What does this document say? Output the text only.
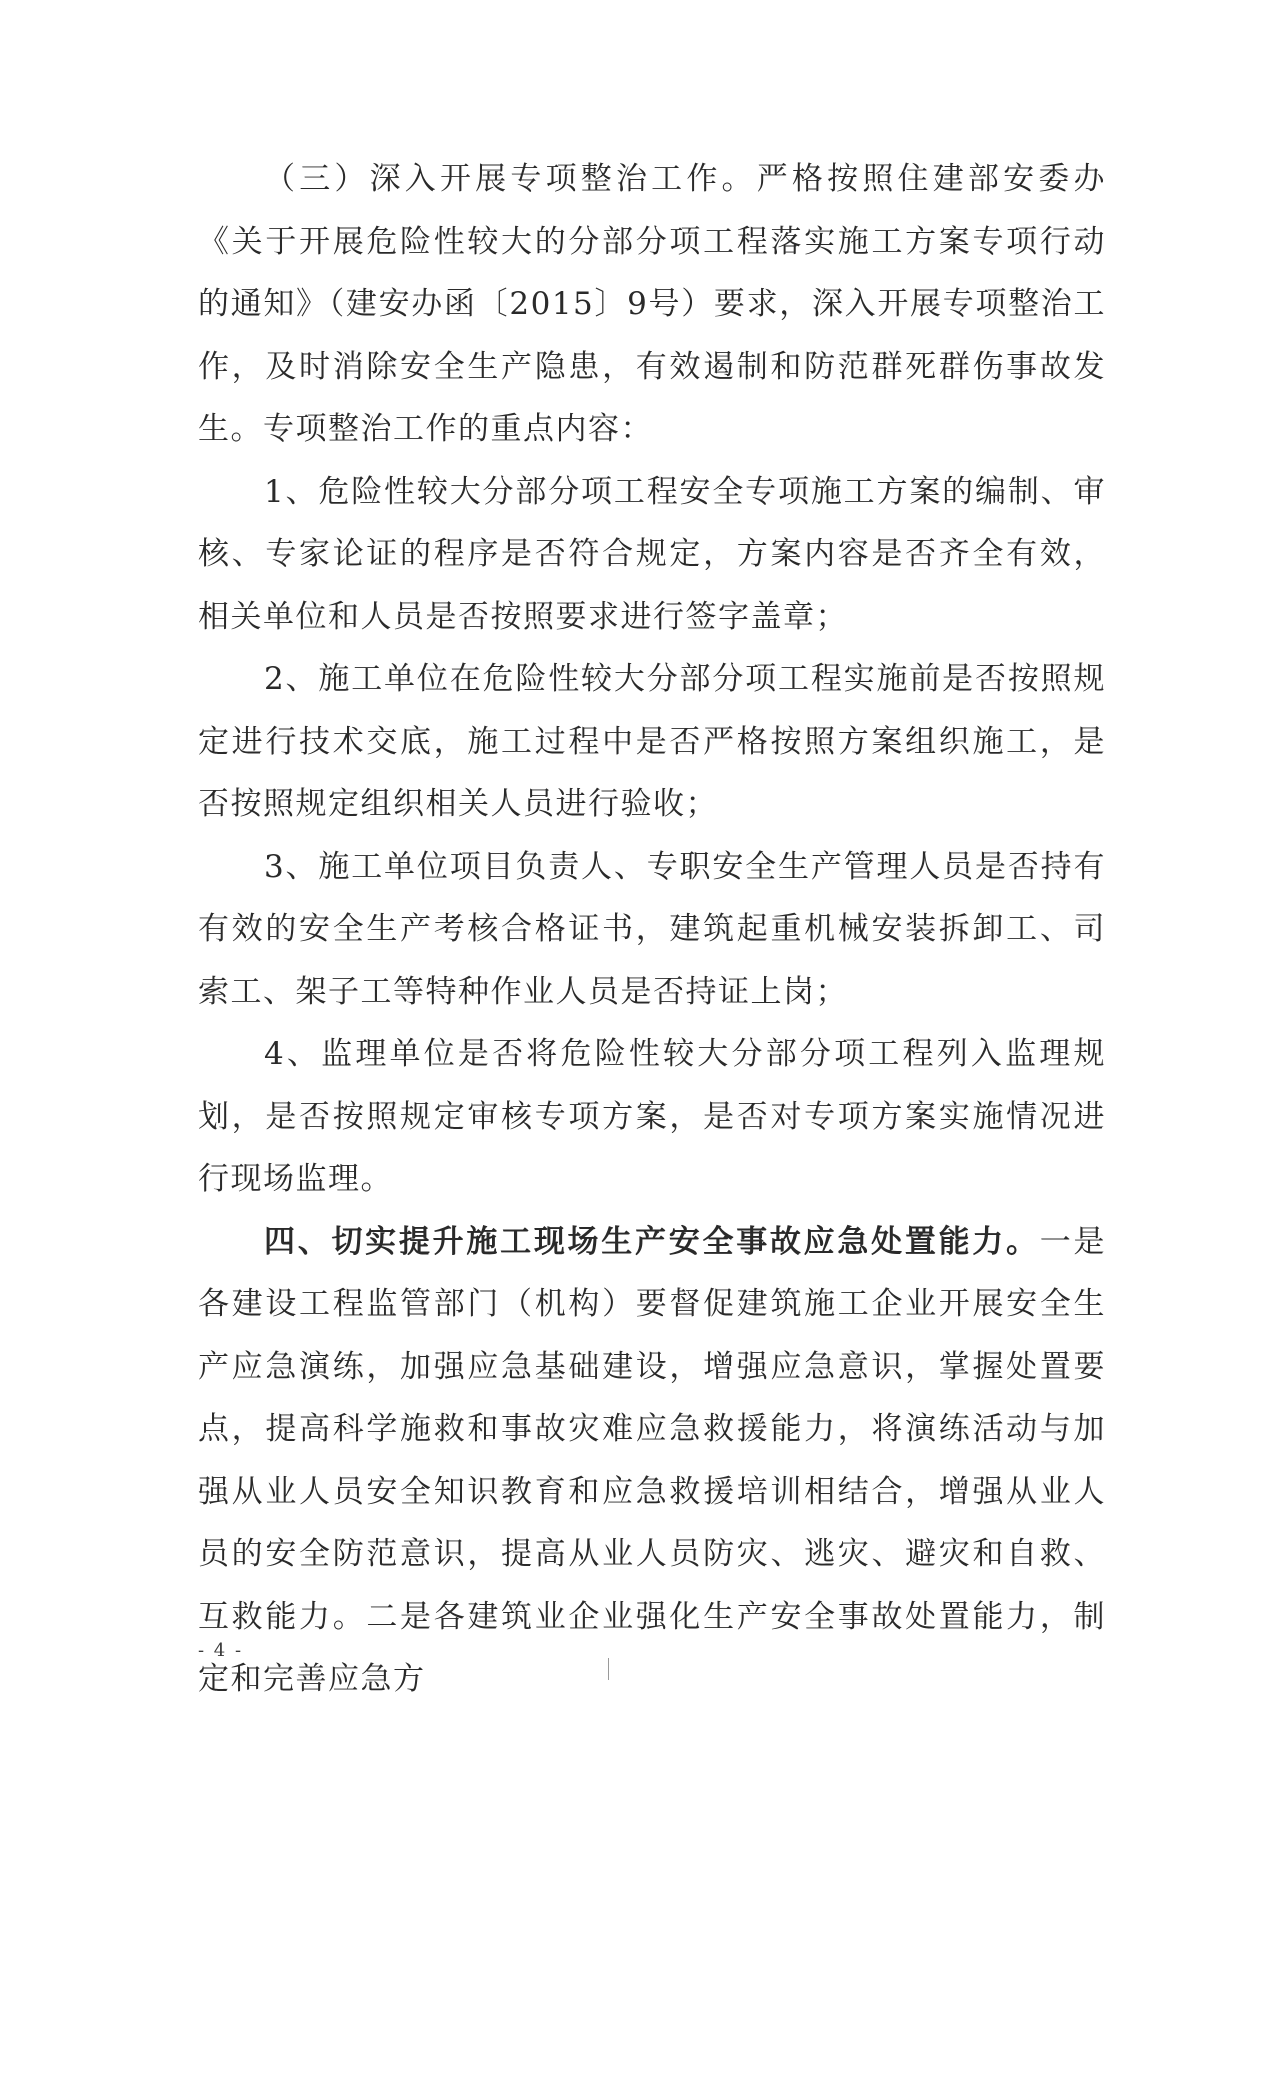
（三）深入开展专项整治工作。严格按照住建部安委办《关于开展危险性较大的分部分项工程落实施工方案专项行动的通知》（建安办函〔2015〕9号）要求，深入开展专项整治工作，及时消除安全生产隐患，有效遏制和防范群死群伤事故发生。专项整治工作的重点内容：

1、危险性较大分部分项工程安全专项施工方案的编制、审核、专家论证的程序是否符合规定，方案内容是否齐全有效，相关单位和人员是否按照要求进行签字盖章；

2、施工单位在危险性较大分部分项工程实施前是否按照规定进行技术交底，施工过程中是否严格按照方案组织施工，是否按照规定组织相关人员进行验收；

3、施工单位项目负责人、专职安全生产管理人员是否持有有效的安全生产考核合格证书，建筑起重机械安装拆卸工、司索工、架子工等特种作业人员是否持证上岗；

4、监理单位是否将危险性较大分部分项工程列入监理规划，是否按照规定审核专项方案，是否对专项方案实施情况进行现场监理。

四、切实提升施工现场生产安全事故应急处置能力。一是各建设工程监管部门（机构）要督促建筑施工企业开展安全生产应急演练，加强应急基础建设，增强应急意识，掌握处置要点，提高科学施救和事故灾难应急救援能力，将演练活动与加强从业人员安全知识教育和应急救援培训相结合，增强从业人员的安全防范意识，提高从业人员防灾、逃灾、避灾和自救、互救能力。二是各建筑业企业强化生产安全事故处置能力，制定和完善应急方

- 4 -
